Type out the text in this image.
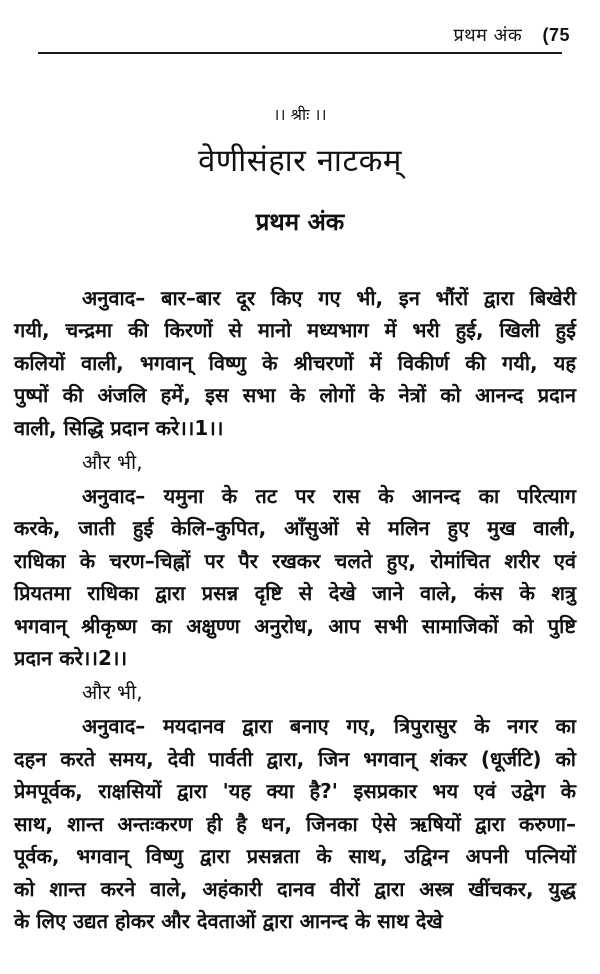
प्रथम अंक (75
।। श्रीः ।।
वेणीसंहार नाटकम्
प्रथम अंक
अनुवाद– बार–बार दूर किए गए भी, इन भौंरों द्वारा बिखेरी
गयी, चन्द्रमा की किरणों से मानो मध्यभाग में भरी हुई, खिली हुई
कलियों वाली, भगवान् विष्णु के श्रीचरणों में विकीर्ण की गयी, यह
पुष्पों की अंजलि हमें, इस सभा के लोगों के नेत्रों को आनन्द प्रदान
वाली, सिद्धि प्रदान करे।।1।।
और भी,
अनुवाद– यमुना के तट पर रास के आनन्द का परित्याग
करके, जाती हुई केलि–कुपित, आँसुओं से मलिन हुए मुख वाली,
राधिका के चरण–चिह्नों पर पैर रखकर चलते हुए, रोमांचित शरीर एवं
प्रियतमा राधिका द्वारा प्रसन्न दृष्टि से देखे जाने वाले, कंस के शत्रु
भगवान् श्रीकृष्ण का अक्षुण्ण अनुरोध, आप सभी सामाजिकों को पुष्टि
प्रदान करे।।2।।
और भी,
अनुवाद– मयदानव द्वारा बनाए गए, त्रिपुरासुर के नगर का
दहन करते समय, देवी पार्वती द्वारा, जिन भगवान् शंकर (धूर्जटि) को
प्रेमपूर्वक, राक्षसियों द्वारा 'यह क्या है?' इसप्रकार भय एवं उद्वेग के
साथ, शान्त अन्तःकरण ही है धन, जिनका ऐसे ऋषियों द्वारा करुणा–
पूर्वक, भगवान् विष्णु द्वारा प्रसन्नता के साथ, उद्विग्न अपनी पत्नियों
को शान्त करने वाले, अहंकारी दानव वीरों द्वारा अस्त्र खींचकर, युद्ध
के लिए उद्यत होकर और देवताओं द्वारा आनन्द के साथ देखे
